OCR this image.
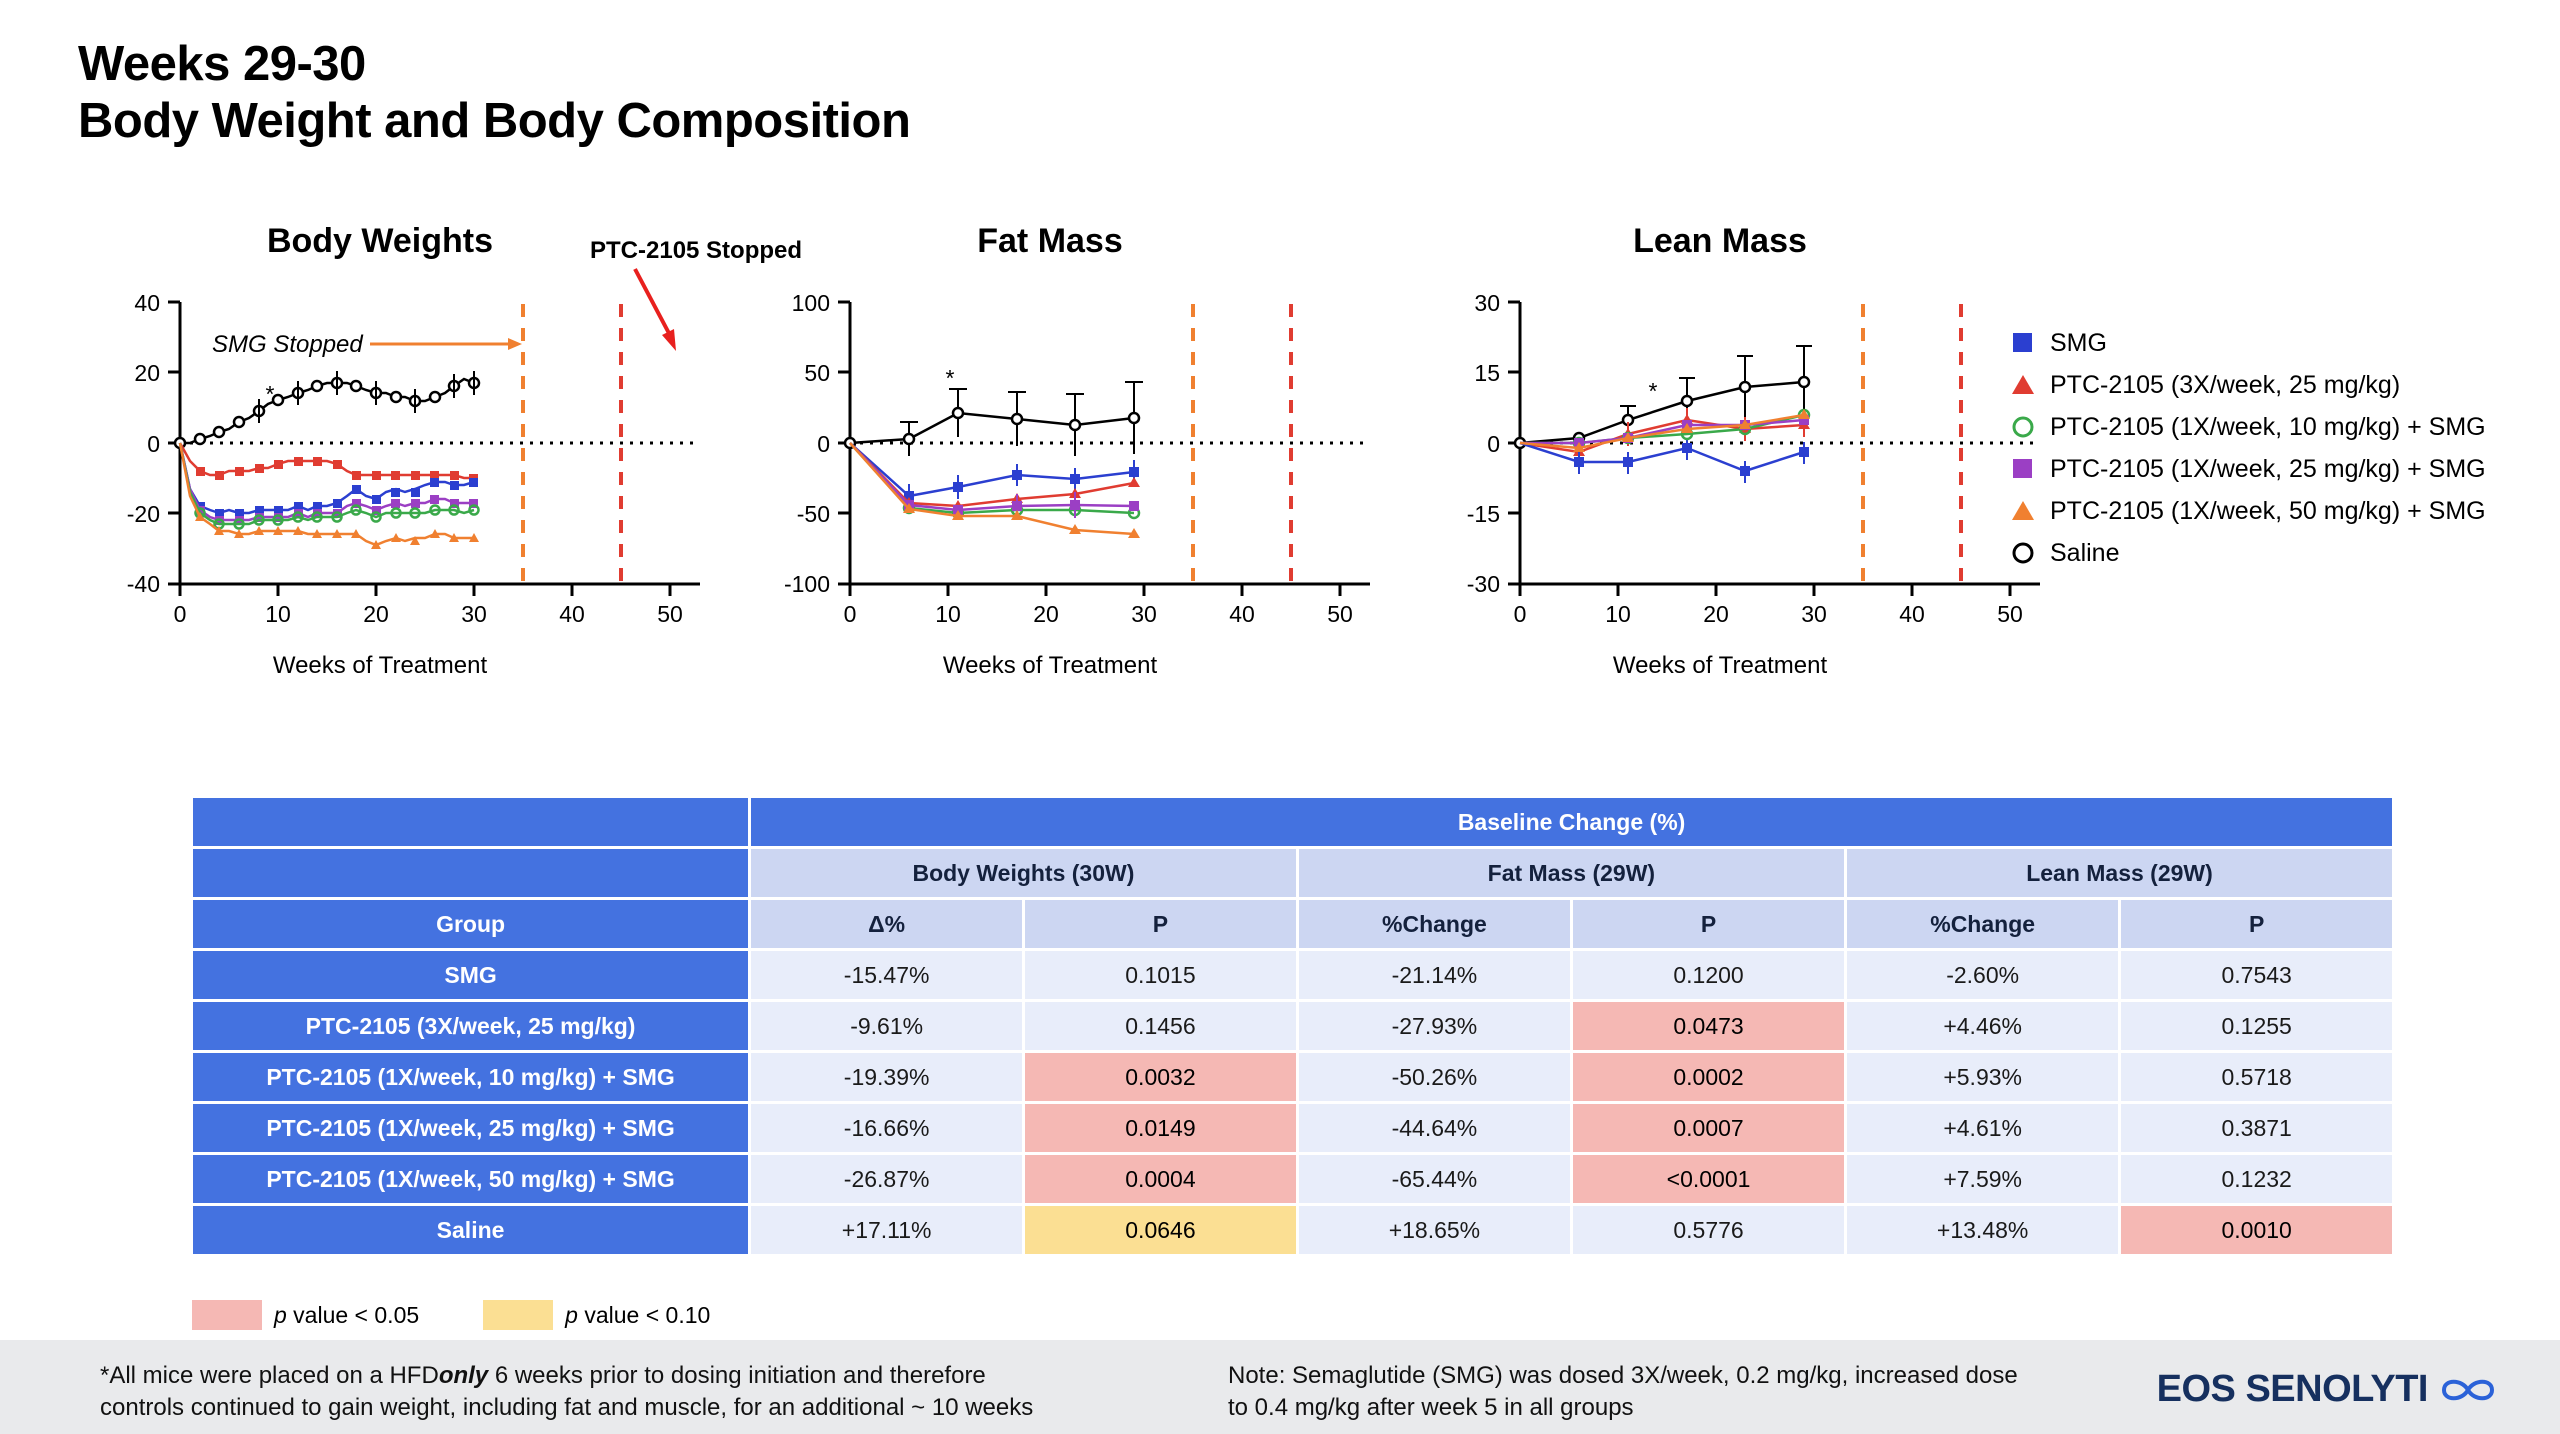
Weeks 29-30
Body Weight and Body Composition
Body Weights
40
20
0
-20
-40
0	10	20	30	40	50
*
SMG Stopped
Weeks of Treatment
PTC-2105 Stopped	Fat Mass
100
50
0
-50
-100
0	10	20	30	40	50
*
Weeks of Treatment
Lean Mass
30
15
0
-15
-30
0	10	20	30	40	50
*
Weeks of Treatment
SMG
PTC-2105 (3X/week, 25 mg/kg)
PTC-2105 (1X/week, 10 mg/kg) + SMG
PTC-2105 (1X/week, 25 mg/kg) + SMG
PTC-2105 (1X/week, 50 mg/kg) + SMG
Saline
	Baseline Change (%)					
	Body Weights (30W)		Fat Mass (29W)		Lean Mass (29W)	
Group	Δ%	P	%Change	P	%Change	P
SMG	-15.47%	0.1015	-21.14%	0.1200	-2.60%	0.7543
PTC-2105 (3X/week, 25 mg/kg)	-9.61%	0.1456	-27.93%	0.0473	+4.46%	0.1255
PTC-2105 (1X/week, 10 mg/kg) + SMG	-19.39%	0.0032	-50.26%	0.0002	+5.93%	0.5718
PTC-2105 (1X/week, 25 mg/kg) + SMG	-16.66%	0.0149	-44.64%	0.0007	+4.61%	0.3871
PTC-2105 (1X/week, 50 mg/kg) + SMG	-26.87%	0.0004	-65.44%	<0.0001	+7.59%	0.1232
Saline	+17.11%	0.0646	+18.65%	0.5776	+13.48%	0.0010
p value < 0.05	p value < 0.10
*All mice were placed on a HFDonly 6 weeks prior to dosing initiation and therefore
controls continued to gain weight, including fat and muscle, for an additional ~ 10 weeks
Note: Semaglutide (SMG) was dosed 3X/week, 0.2 mg/kg, increased dose
to 0.4 mg/kg after week 5 in all groups	EOS SENOLYTI
